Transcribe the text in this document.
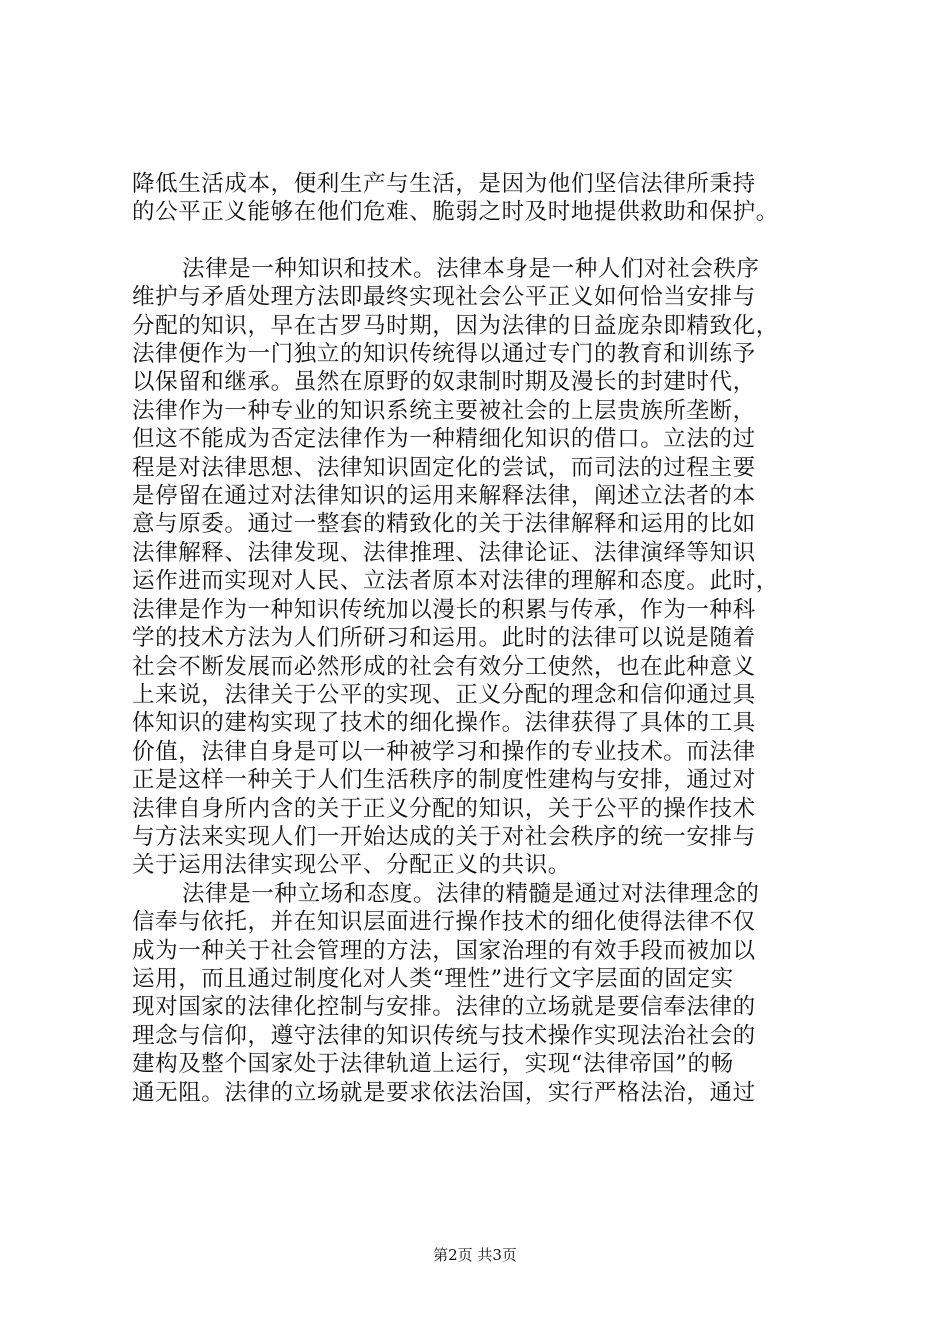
降低生活成本，便利生产与生活，是因为他们坚信法律所秉持
的公平正义能够在他们危难、脆弱之时及时地提供救助和保护。
法律是一种知识和技术。法律本身是一种人们对社会秩序
维护与矛盾处理方法即最终实现社会公平正义如何恰当安排与
分配的知识，早在古罗马时期，因为法律的日益庞杂即精致化，
法律便作为一门独立的知识传统得以通过专门的教育和训练予
以保留和继承。虽然在原野的奴隶制时期及漫长的封建时代，
法律作为一种专业的知识系统主要被社会的上层贵族所垄断，
但这不能成为否定法律作为一种精细化知识的借口。立法的过
程是对法律思想、法律知识固定化的尝试，而司法的过程主要
是停留在通过对法律知识的运用来解释法律，阐述立法者的本
意与原委。通过一整套的精致化的关于法律解释和运用的比如
法律解释、法律发现、法律推理、法律论证、法律演绎等知识
运作进而实现对人民、立法者原本对法律的理解和态度。此时，
法律是作为一种知识传统加以漫长的积累与传承，作为一种科
学的技术方法为人们所研习和运用。此时的法律可以说是随着
社会不断发展而必然形成的社会有效分工使然，也在此种意义
上来说，法律关于公平的实现、正义分配的理念和信仰通过具
体知识的建构实现了技术的细化操作。法律获得了具体的工具
价值，法律自身是可以一种被学习和操作的专业技术。而法律
正是这样一种关于人们生活秩序的制度性建构与安排，通过对
法律自身所内含的关于正义分配的知识，关于公平的操作技术
与方法来实现人们一开始达成的关于对社会秩序的统一安排与
关于运用法律实现公平、分配正义的共识。
法律是一种立场和态度。法律的精髓是通过对法律理念的
信奉与依托，并在知识层面进行操作技术的细化使得法律不仅
成为一种关于社会管理的方法，国家治理的有效手段而被加以
运用，而且通过制度化对人类“理性”进行文字层面的固定实
现对国家的法律化控制与安排。法律的立场就是要信奉法律的
理念与信仰，遵守法律的知识传统与技术操作实现法治社会的
建构及整个国家处于法律轨道上运行，实现“法律帝国”的畅
通无阻。法律的立场就是要求依法治国，实行严格法治，通过
第2页 共3页
